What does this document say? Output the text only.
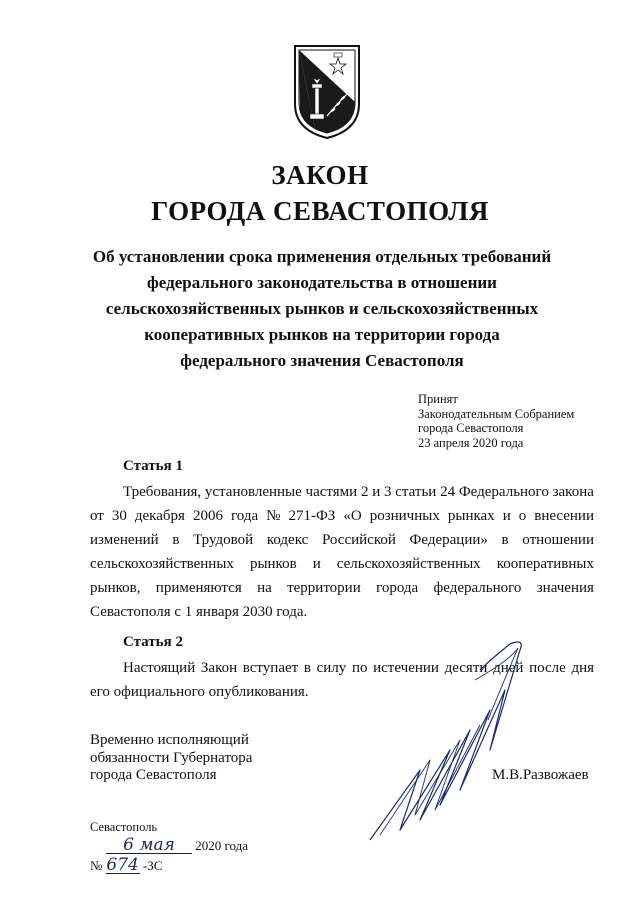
ЗАКОН
ГОРОДА СЕВАСТОПОЛЯ
Об установлении срока применения отдельных требований
федерального законодательства в отношении
сельскохозяйственных рынков и сельскохозяйственных
кооперативных рынков на территории города
федерального значения Севастополя
Принят
Законодательным Собранием
города Севастополя
23 апреля 2020 года
Статья 1
Требования, установленные частями 2 и 3 статьи 24 Федерального закона
от 30 декабря 2006 года № 271-ФЗ «О розничных рынках и о внесении
изменений в Трудовой кодекс Российской Федерации» в отношении
сельскохозяйственных рынков и сельскохозяйственных кооперативных
рынков, применяются на территории города федерального значения
Севастополя с 1 января 2030 года.
Статья 2
Настоящий Закон вступает в силу по истечении десяти дней после дня
его официального опубликования.
Временно исполняющий
обязанности Губернатора
города Севастополя	М.В.Развожаев
Севастополь
6 мая 2020 года
№ 674 -ЗС
